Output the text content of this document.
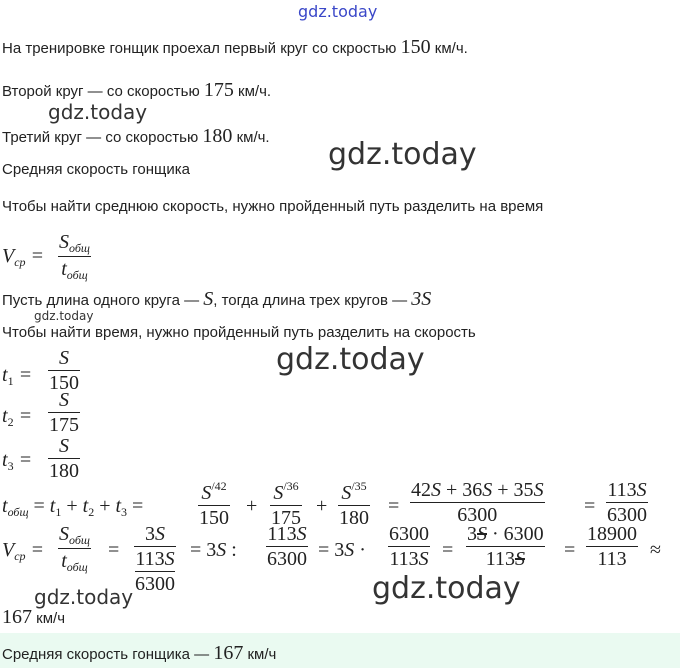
gdz.today
gdz.today
gdz.today
gdz.today
gdz.today
gdz.today	gdz.today
На тренировке гонщик проехал первый круг со скростью 150 км/ч.
Второй круг — со скоростью 175 км/ч.
Третий круг — со скоростью 180 км/ч.
Средняя скорость гонщика
Чтобы найти среднюю скорость, нужно пройденный путь разделить на время
$V_{cp}$ =
$S_{общ}$
$t_{общ}$
Пусть длина одного круга — S, тогда длина трех кругов — 3S
Чтобы найти время, нужно пройденный путь разделить на скорость
$t_1$ =
S
150
$t_2$ =
S
175
$t_3$ =
S
180
$t_{общ} = t_1 + t_2 + t_3$ =
$S^{/42}$
150
+
$S^{/36}$
175
+
$S^{/35}$
180
=
42S + 36S + 35S
6300	=
113S
6300
$V_{cp}$ =
$S_{общ}$
$t_{общ}$
=
3S
113S
6300
= 3S :
113S
6300 = 3S ·
6300
113S =
3S · 6300
113S =
18900
113 ≈
167 км/ч
Средняя скорость гонщика — 167 км/ч
